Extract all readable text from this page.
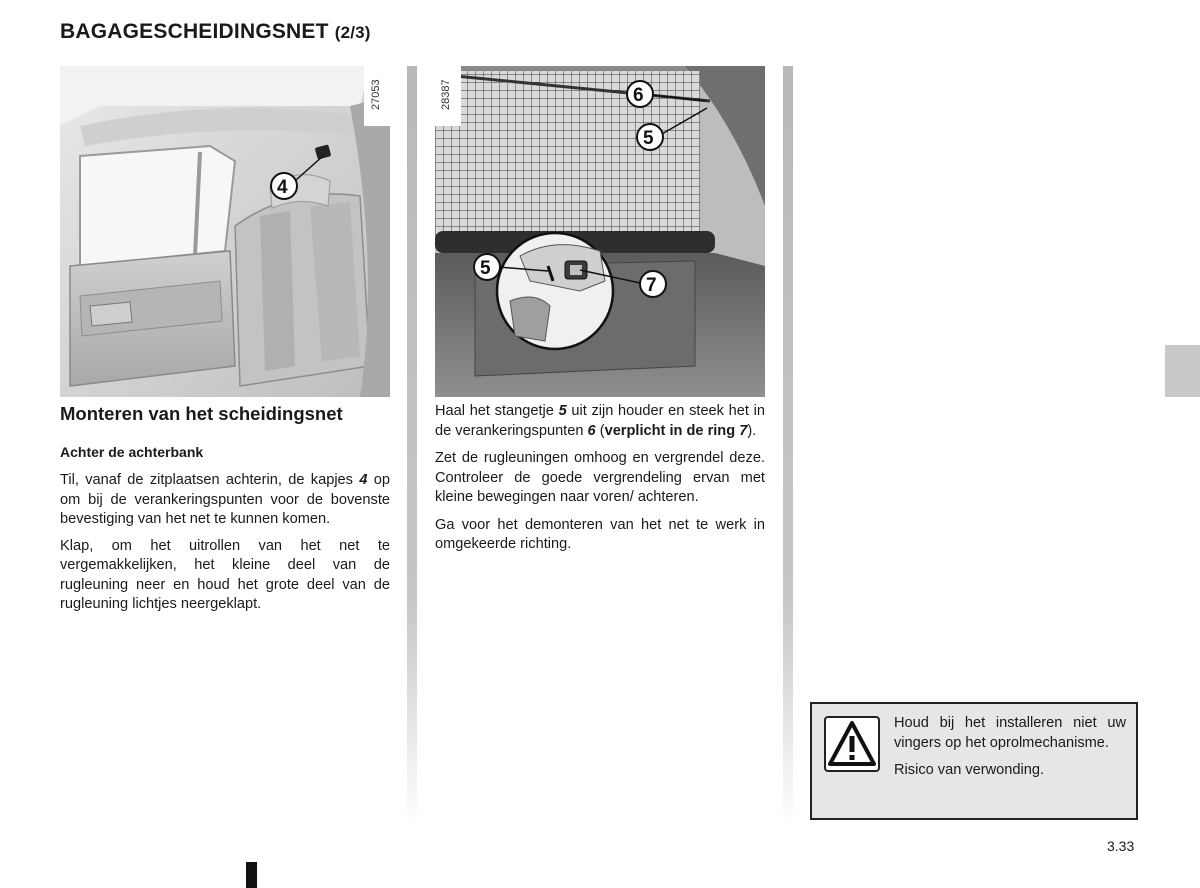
BAGAGESCHEIDINGSNET (2/3)
4
27053	6
5
5
7
28387
Monteren van het scheidingsnet
Achter de achterbank

Til, vanaf de zitplaatsen achterin, de kapjes 4 op om bij de verankeringspunten voor de bovenste bevestiging van het net te kunnen komen.

Klap, om het uitrollen van het net te vergemakkelijken, het kleine deel van de rugleuning neer en houd het grote deel van de rugleuning lichtjes neergeklapt.

Haal het stangetje 5 uit zijn houder en steek het in de verankeringspunten 6 (verplicht in de ring 7).

Zet de rugleuningen omhoog en vergrendel deze. Controleer de goede vergrendeling ervan met kleine bewegingen naar voren/ achteren.

Ga voor het demonteren van het net te werk in omgekeerde richting.

Houd bij het installeren niet uw vingers op het oprolmechanisme.
Risico van verwonding.
3.33
